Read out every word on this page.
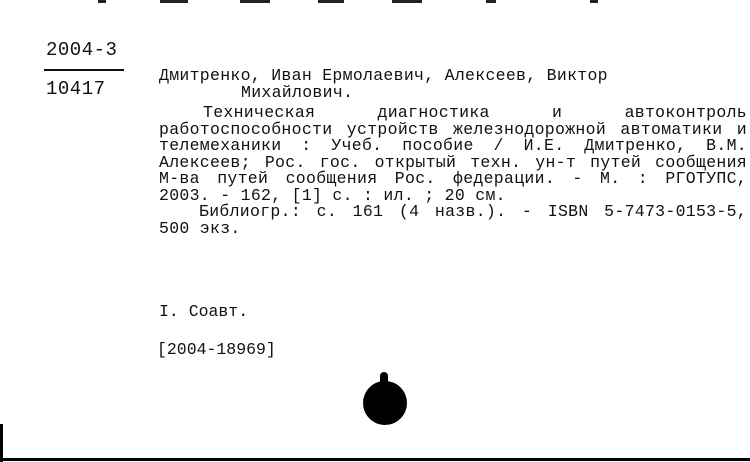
2004-3
10417
Дмитренко, Иван Ермолаевич, Алексеев, Виктор
Михайлович.

Техническая диагностика и автоконтроль работоспособности устройств железнодорожной автоматики и телемеханики : Учеб. пособие / И.Е. Дмитренко, В.М. Алексеев; Рос. гос. открытый техн. ун-т путей сообщения М-ва путей сообщения Рос. федерации. - М. : РГОТУПС, 2003. - 162, [1] с. : ил. ; 20 см.

Библиогр.: с. 161 (4 назв.). - ISBN 5-7473-0153-5, 500 экз.

I. Соавт.
[2004-18969]
